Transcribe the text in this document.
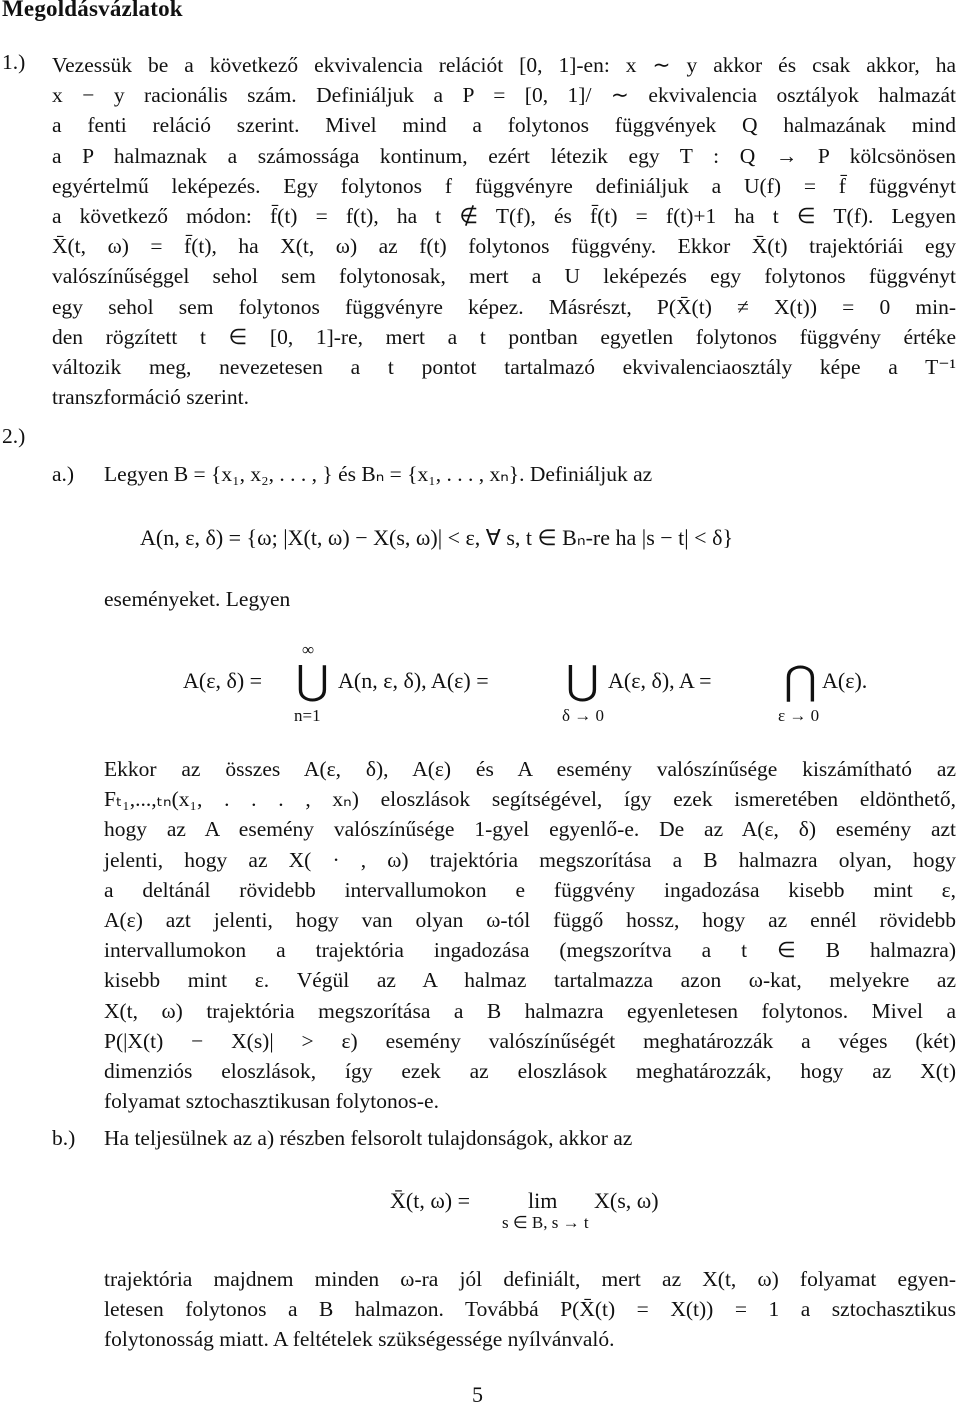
Megoldásvázlatok
1.) Vezessük be a következő ekvivalencia relációt [0, 1]-en: x ∼ y akkor és csak akkor, ha
x − y racionális szám. Definiáljuk a P = [0, 1]/ ∼ ekvivalencia osztályok halmazát
a fenti reláció szerint. Mivel mind a folytonos függvények Q halmazának mind
a P halmaznak a számossága kontinum, ezért létezik egy T : Q → P kölcsönösen
egyértelmű leképezés. Egy folytonos f függvényre definiáljuk a U(f) = f̄ függvényt
a következő módon: f̄(t) = f(t), ha t ∉ T(f), és f̄(t) = f(t)+1 ha t ∈ T(f). Legyen
X̄(t, ω) = f̄(t), ha X(t, ω) az f(t) folytonos függvény. Ekkor X̄(t) trajektóriái egy
valószínűséggel sehol sem folytonosak, mert a U leképezés egy folytonos függvényt
egy sehol sem folytonos függvényre képez. Másrészt, P(X̄(t) ≠ X(t)) = 0 min-
den rögzített t ∈ [0, 1]-re, mert a t pontban egyetlen folytonos függvény értéke
változik meg, nevezetesen a t pontot tartalmazó ekvivalenciaosztály képe a T⁻¹
transzformáció szerint.
2.)
a.) Legyen B = {x₁, x₂, . . . , } és Bₙ = {x₁, . . . , xₙ}. Definiáljuk az
A(n, ε, δ) = {ω; |X(t, ω) − X(s, ω)| < ε, ∀ s, t ∈ Bₙ-re ha |s − t| < δ}
eseményeket. Legyen
A(ε, δ) =
∞
⋃
n=1
A(n, ε, δ), A(ε) = ⋃
δ → 0
A(ε, δ), A = ⋂
ε → 0
A(ε).
Ekkor az összes A(ε, δ), A(ε) és A esemény valószínűsége kiszámítható az
Fₜ₁,...,ₜₙ(x₁, . . . , xₙ) eloszlások segítségével, így ezek ismeretében eldönthető,
hogy az A esemény valószínűsége 1-gyel egyenlő-e. De az A(ε, δ) esemény azt
jelenti, hogy az X( · , ω) trajektória megszorítása a B halmazra olyan, hogy
a deltánál rövidebb intervallumokon e függvény ingadozása kisebb mint ε,
A(ε) azt jelenti, hogy van olyan ω-tól függő hossz, hogy az ennél rövidebb
intervallumokon a trajektória ingadozása (megszorítva a t ∈ B halmazra)
kisebb mint ε. Végül az A halmaz tartalmazza azon ω-kat, melyekre az
X(t, ω) trajektória megszorítása a B halmazra egyenletesen folytonos. Mivel a
P(|X(t) − X(s)| > ε) esemény valószínűségét meghatározzák a véges (két)
dimenziós eloszlások, így ezek az eloszlások meghatározzák, hogy az X(t)
folyamat sztochasztikusan folytonos-e.
b.) Ha teljesülnek az a) részben felsorolt tulajdonságok, akkor az
X̄(t, ω) =	lim
s ∈ B, s → t
X(s, ω)
trajektória majdnem minden ω-ra jól definiált, mert az X(t, ω) folyamat egyen-
letesen folytonos a B halmazon. Továbbá P(X̄(t) = X(t)) = 1 a sztochasztikus
folytonosság miatt. A feltételek szükségessége nyílvánvaló.
5
